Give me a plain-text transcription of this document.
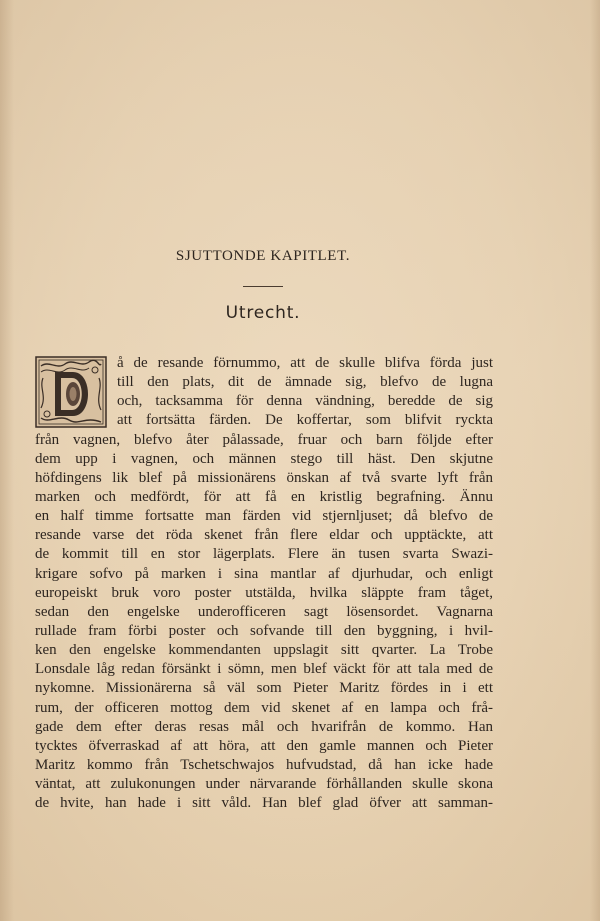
SJUTTONDE KAPITLET.
Utrecht.
å de resande förnummo, att de skulle blifva förda just
till den plats, dit de ämnade sig, blefvo de lugna
och, tacksamma för denna vändning, beredde de sig
att fortsätta färden. De koffertar, som blifvit ryckta
från vagnen, blefvo åter pålassade, fruar och barn följde efter
dem upp i vagnen, och männen stego till häst. Den skjutne
höfdingens lik blef på missionärens önskan af två svarte lyft från
marken och medfördt, för att få en kristlig begrafning. Ännu
en half timme fortsatte man färden vid stjernljuset; då blefvo de
resande varse det röda skenet från flere eldar och upptäckte, att
de kommit till en stor lägerplats. Flere än tusen svarta Swazi-
krigare sofvo på marken i sina mantlar af djurhudar, och enligt
europeiskt bruk voro poster utstälda, hvilka släppte fram tåget,
sedan den engelske underofficeren sagt lösensordet. Vagnarna
rullade fram förbi poster och sofvande till den byggning, i hvil-
ken den engelske kommendanten uppslagit sitt qvarter. La Trobe
Lonsdale låg redan försänkt i sömn, men blef väckt för att tala med de
nykomne. Missionärerna så väl som Pieter Maritz fördes in i ett
rum, der officeren mottog dem vid skenet af en lampa och frå-
gade dem efter deras resas mål och hvarifrån de kommo. Han
tycktes öfverraskad af att höra, att den gamle mannen och Pieter
Maritz kommo från Tschetschwajos hufvudstad, då han icke hade
väntat, att zulukonungen under närvarande förhållanden skulle skona
de hvite, han hade i sitt våld. Han blef glad öfver att samman-
